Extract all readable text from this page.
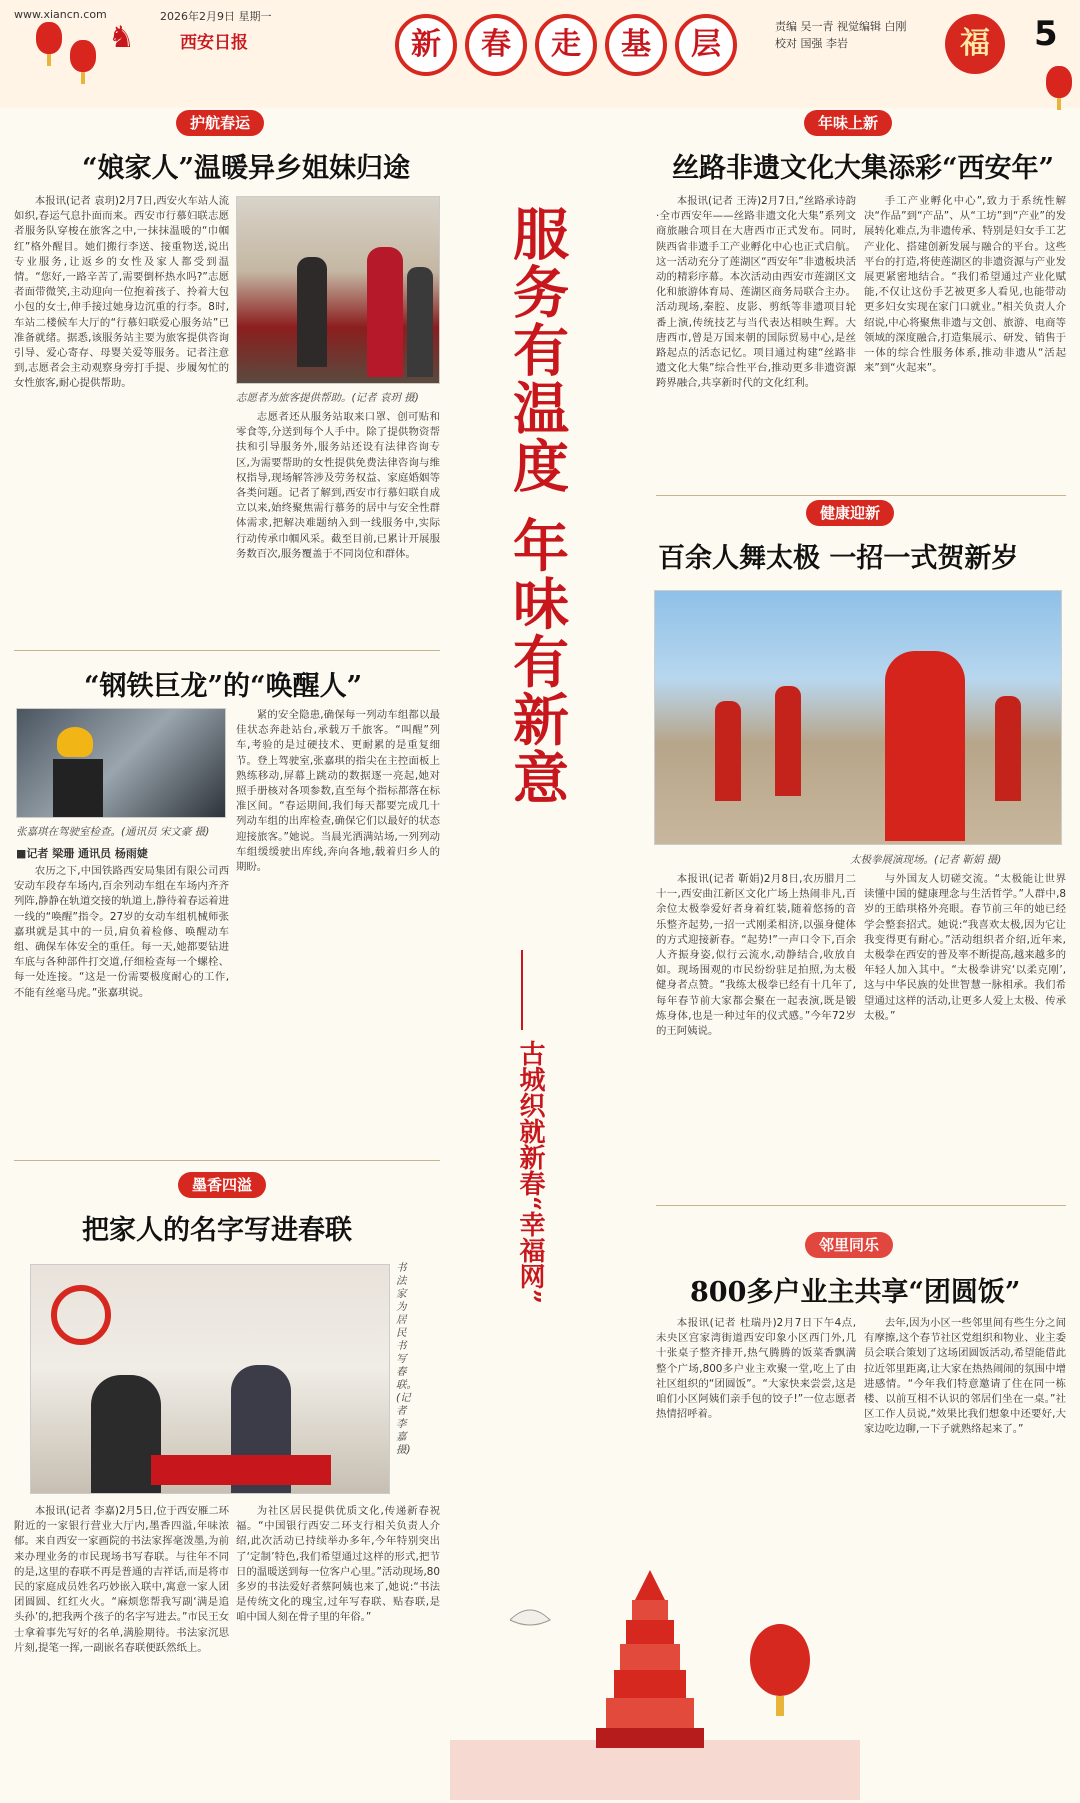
www.xiancn.com	2026年2月9日 星期一
♞	西安日报	新	春	走	基	层
责编 吴一青 视觉编辑 白刚
校对 国强 李岩	福	5
服务有温度 年味有新意
古城织就新春“幸福网”
护航春运
“娘家人”温暖异乡姐妹归途

本报讯(记者 袁玥)2月7日,西安火车站人流如织,春运气息扑面而来。西安市行慕妇联志愿者服务队穿梭在旅客之中,一抹抹温暖的“巾帼红”格外醒目。她们搬行李送、接重物送,说出专业服务,让返乡的女性及家人都受到温情。“您好,一路辛苦了,需要倒杯热水吗?”志愿者面带微笑,主动迎向一位抱着孩子、拎着大包小包的女士,伸手接过她身边沉重的行李。8时,车站二楼候车大厅的“行慕妇联爱心服务站”已准备就绪。据悉,该服务站主要为旅客提供咨询引导、爱心寄存、母婴关爱等服务。记者注意到,志愿者会主动观察身旁打手提、步履匆忙的女性旅客,耐心提供帮助。

志愿者为旅客提供帮助。(记者 袁玥 摄)

志愿者还从服务站取来口罩、创可贴和零食等,分送到每个人手中。除了提供物资帮扶和引导服务外,服务站还设有法律咨询专区,为需要帮助的女性提供免费法律咨询与维权指导,现场解答涉及劳务权益、家庭婚姻等各类问题。记者了解到,西安市行慕妇联自成立以来,始终聚焦需行慕务的居中与安全性群体需求,把解决难题纳入到一线服务中,实际行动传承巾帼风采。截至目前,已累计开展服务数百次,服务覆盖于不同岗位和群体。

“钢铁巨龙”的“唤醒人”
张嘉琪在驾驶室检查。(通讯员 宋文豪 摄)
■记者 梁珊 通讯员 杨雨婕

农历之下,中国铁路西安局集团有限公司西安动车段存车场内,百余列动车组在车场内齐齐列阵,静静在轨道交接的轨道上,静待着春运着进一线的“唤醒”指令。27岁的女动车组机械师张嘉琪就是其中的一员,肩负着检修、唤醒动车组、确保车体安全的重任。每一天,她都要钻进车底与各种部件打交道,仔细检查每一个螺栓、每一处连接。“这是一份需要极度耐心的工作,不能有丝毫马虎。”张嘉琪说。

紧的安全隐患,确保每一列动车组都以最佳状态奔赴站台,承载万千旅客。“叫醒”列车,考验的是过硬技术、更耐累的是重复细节。登上驾驶室,张嘉琪的指尖在主控面板上熟练移动,屏幕上跳动的数据逐一亮起,她对照手册核对各项参数,直至每个指标都落在标准区间。“春运期间,我们每天都要完成几十列动车组的出库检查,确保它们以最好的状态迎接旅客。”她说。当晨光洒满站场,一列列动车组缓缓驶出库线,奔向各地,载着归乡人的期盼。

墨香四溢
把家人的名字写进春联
书法家为居民书写春联。(记者 李嘉 摄)

本报讯(记者 李嘉)2月5日,位于西安雁二环附近的一家银行营业大厅内,墨香四溢,年味浓郁。来自西安一家画院的书法家挥毫泼墨,为前来办理业务的市民现场书写春联。与往年不同的是,这里的春联不再是普通的吉祥话,而是将市民的家庭成员姓名巧妙嵌入联中,寓意一家人团团圆圆、红红火火。“麻烦您帮我写副‘满是追头孙’的,把我两个孩子的名字写进去。”市民王女士拿着事先写好的名单,满脸期待。书法家沉思片刻,提笔一挥,一副嵌名春联便跃然纸上。

为社区居民提供优质文化,传递新春祝福。“中国银行西安二环支行相关负责人介绍,此次活动已持续举办多年,今年特别突出了‘定制’特色,我们希望通过这样的形式,把节日的温暖送到每一位客户心里。”活动现场,80多岁的书法爱好者蔡阿姨也来了,她说:“书法是传统文化的瑰宝,过年写春联、贴春联,是咱中国人刻在骨子里的年俗。”

年味上新
丝路非遗文化大集添彩“西安年”

本报讯(记者 王涛)2月7日,“丝路承诗韵·全市西安年——丝路非遗文化大集”系列文商旅融合项目在大唐西市正式发布。同时,陕西省非遗手工产业孵化中心也正式启航。这一活动充分了莲湖区“西安年”非遗板块活动的精彩序幕。本次活动由西安市莲湖区文化和旅游体育局、莲湖区商务局联合主办。活动现场,秦腔、皮影、剪纸等非遗项目轮番上演,传统技艺与当代表达相映生辉。大唐西市,曾是万国来朝的国际贸易中心,是丝路起点的活态记忆。项目通过构建“丝路非遗文化大集”综合性平台,推动更多非遗资源跨界融合,共享新时代的文化红利。

手工产业孵化中心”,致力于系统性解决“作品”到“产品”、从“工坊”到“产业”的发展转化难点,为非遗传承、特别是妇女手工艺产业化、搭建创新发展与融合的平台。这些平台的打造,将使莲湖区的非遗资源与产业发展更紧密地结合。“我们希望通过产业化赋能,不仅让这份手艺被更多人看见,也能带动更多妇女实现在家门口就业。”相关负责人介绍说,中心将聚焦非遗与文创、旅游、电商等领域的深度融合,打造集展示、研发、销售于一体的综合性服务体系,推动非遗从“活起来”到“火起来”。

健康迎新
百余人舞太极 一招一式贺新岁
太极拳展演现场。(记者 靳娟 摄)

本报讯(记者 靳娟)2月8日,农历腊月二十一,西安曲江新区文化广场上热闹非凡,百余位太极拳爱好者身着红装,随着悠扬的音乐整齐起势,一招一式刚柔相济,以强身健体的方式迎接新春。“起势!”一声口令下,百余人齐振身姿,似行云流水,动静结合,收放自如。现场围观的市民纷纷驻足拍照,为太极健身者点赞。“我练太极拳已经有十几年了,每年春节前大家都会聚在一起表演,既是锻炼身体,也是一种过年的仪式感。”今年72岁的王阿姨说。

与外国友人切磋交流。“太极能让世界读懂中国的健康理念与生活哲学。”人群中,8岁的王皓琪格外亮眼。春节前三年的她已经学会整套招式。她说:“我喜欢太极,因为它让我变得更有耐心。”活动组织者介绍,近年来,太极拳在西安的普及率不断提高,越来越多的年轻人加入其中。“太极拳讲究‘以柔克刚’,这与中华民族的处世智慧一脉相承。我们希望通过这样的活动,让更多人爱上太极、传承太极。”

邻里同乐
800多户业主共享“团圆饭”

本报讯(记者 杜瑞丹)2月7日下午4点,未央区宫家湾街道西安印象小区西门外,几十张桌子整齐排开,热气腾腾的饭菜香飘满整个广场,800多户业主欢聚一堂,吃上了由社区组织的“团圆饭”。“大家快来尝尝,这是咱们小区阿姨们亲手包的饺子!”一位志愿者热情招呼着。

去年,因为小区一些邻里间有些生分之间有摩擦,这个春节社区党组织和物业、业主委员会联合策划了这场团圆饭活动,希望能借此拉近邻里距离,让大家在热热闹闹的氛围中增进感情。“今年我们特意邀请了住在同一栋楼、以前互相不认识的邻居们坐在一桌。”社区工作人员说,“效果比我们想象中还要好,大家边吃边聊,一下子就熟络起来了。”
